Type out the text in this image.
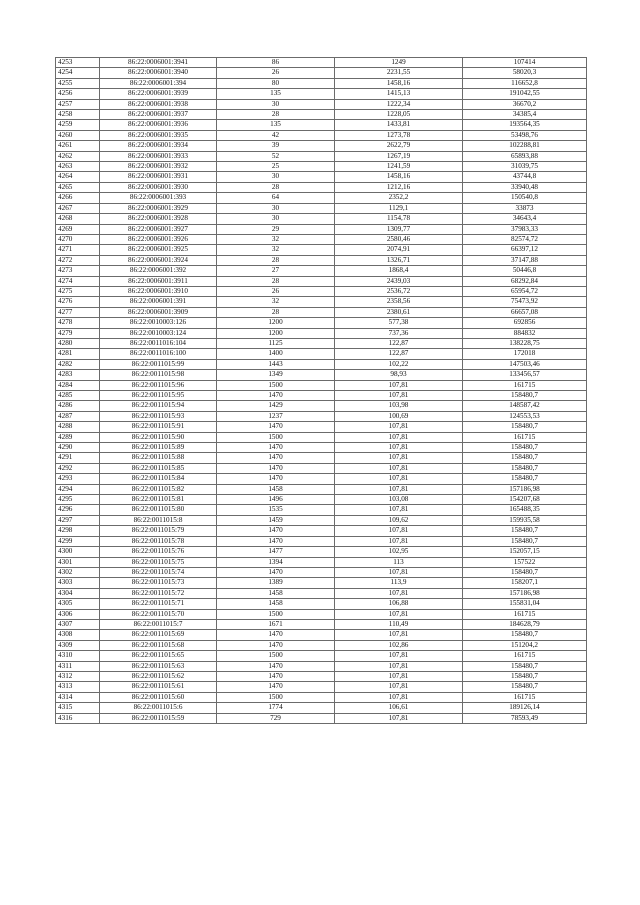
4253	86:22:0006001:3941	86	1249	107414
4254	86:22:0006001:3940	26	2231,55	58020,3
4255	86:22:0006001:394	80	1458,16	116652,8
4256	86:22:0006001:3939	135	1415,13	191042,55
4257	86:22:0006001:3938	30	1222,34	36670,2
4258	86:22:0006001:3937	28	1228,05	34385,4
4259	86:22:0006001:3936	135	1433,81	193564,35
4260	86:22:0006001:3935	42	1273,78	53498,76
4261	86:22:0006001:3934	39	2622,79	102288,81
4262	86:22:0006001:3933	52	1267,19	65893,88
4263	86:22:0006001:3932	25	1241,59	31039,75
4264	86:22:0006001:3931	30	1458,16	43744,8
4265	86:22:0006001:3930	28	1212,16	33940,48
4266	86:22:0006001:393	64	2352,2	150540,8
4267	86:22:0006001:3929	30	1129,1	33873
4268	86:22:0006001:3928	30	1154,78	34643,4
4269	86:22:0006001:3927	29	1309,77	37983,33
4270	86:22:0006001:3926	32	2580,46	82574,72
4271	86:22:0006001:3925	32	2074,91	66397,12
4272	86:22:0006001:3924	28	1326,71	37147,88
4273	86:22:0006001:392	27	1868,4	50446,8
4274	86:22:0006001:3911	28	2439,03	68292,84
4275	86:22:0006001:3910	26	2536,72	65954,72
4276	86:22:0006001:391	32	2358,56	75473,92
4277	86:22:0006001:3909	28	2380,61	66657,08
4278	86:22:0010003:126	1200	577,38	692856
4279	86:22:0010003:124	1200	737,36	884832
4280	86:22:0011016:104	1125	122,87	138228,75
4281	86:22:0011016:100	1400	122,87	172018
4282	86:22:0011015:99	1443	102,22	147503,46
4283	86:22:0011015:98	1349	98,93	133456,57
4284	86:22:0011015:96	1500	107,81	161715
4285	86:22:0011015:95	1470	107,81	158480,7
4286	86:22:0011015:94	1429	103,98	148587,42
4287	86:22:0011015:93	1237	100,69	124553,53
4288	86:22:0011015:91	1470	107,81	158480,7
4289	86:22:0011015:90	1500	107,81	161715
4290	86:22:0011015:89	1470	107,81	158480,7
4291	86:22:0011015:88	1470	107,81	158480,7
4292	86:22:0011015:85	1470	107,81	158480,7
4293	86:22:0011015:84	1470	107,81	158480,7
4294	86:22:0011015:82	1458	107,81	157186,98
4295	86:22:0011015:81	1496	103,08	154207,68
4296	86:22:0011015:80	1535	107,81	165488,35
4297	86:22:0011015:8	1459	109,62	159935,58
4298	86:22:0011015:79	1470	107,81	158480,7
4299	86:22:0011015:78	1470	107,81	158480,7
4300	86:22:0011015:76	1477	102,95	152057,15
4301	86:22:0011015:75	1394	113	157522
4302	86:22:0011015:74	1470	107,81	158480,7
4303	86:22:0011015:73	1389	113,9	158207,1
4304	86:22:0011015:72	1458	107,81	157186,98
4305	86:22:0011015:71	1458	106,88	155831,04
4306	86:22:0011015:70	1500	107,81	161715
4307	86:22:0011015:7	1671	110,49	184628,79
4308	86:22:0011015:69	1470	107,81	158480,7
4309	86:22:0011015:68	1470	102,86	151204,2
4310	86:22:0011015:65	1500	107,81	161715
4311	86:22:0011015:63	1470	107,81	158480,7
4312	86:22:0011015:62	1470	107,81	158480,7
4313	86:22:0011015:61	1470	107,81	158480,7
4314	86:22:0011015:60	1500	107,81	161715
4315	86:22:0011015:6	1774	106,61	189126,14
4316	86:22:0011015:59	729	107,81	78593,49
